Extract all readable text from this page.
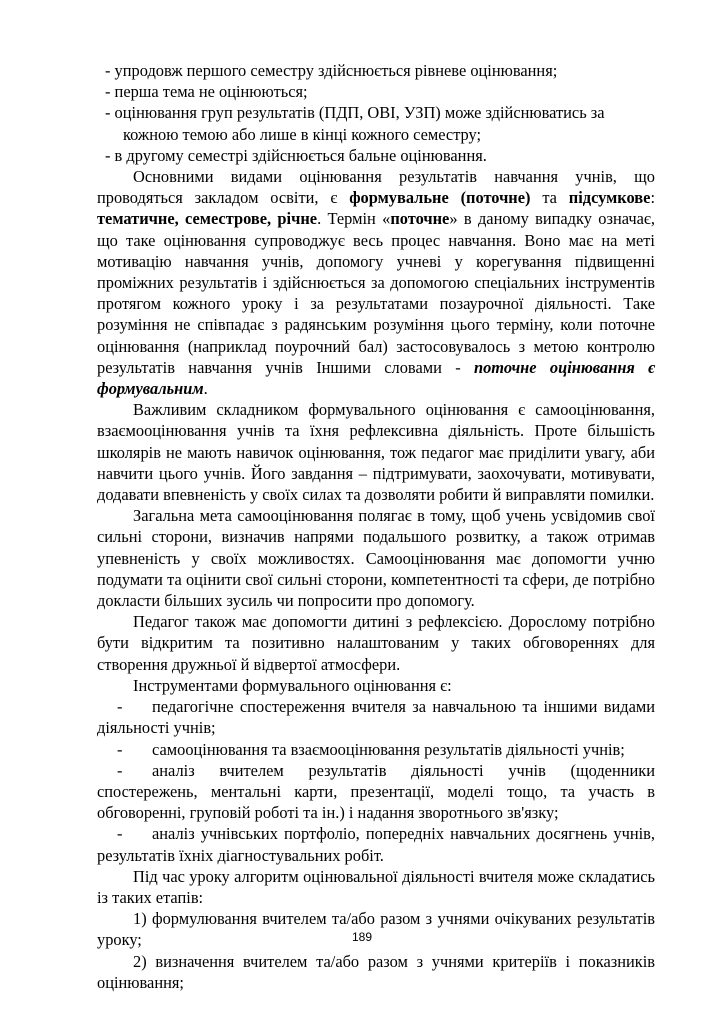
- упродовж першого семестру здійснюється рівневе оцінювання;

- перша тема не оцінюються;

- оцінювання груп результатів (ПДП, ОВІ, УЗП) може здійснюватись за

кожною темою або лише в кінці кожного семестру;

- в другому семестрі здійснюється бальне оцінювання.

Основними видами оцінювання результатів навчання учнів, що проводяться закладом освіти, є формувальне (поточне) та підсумкове: тематичне, семестрове, річне. Термін «поточне» в даному випадку означає, що таке оцінювання супроводжує весь процес навчання. Воно має на меті мотивацію навчання учнів, допомогу учневі у корегування підвищенні проміжних результатів і здійснюється за допомогою спеціальних інструментів протягом кожного уроку і за результатами позаурочної діяльності. Таке розуміння не співпадає з радянським розуміння цього терміну, коли поточне оцінювання (наприклад поурочний бал) застосовувалось з метою контролю результатів навчання учнів Іншими словами - поточне оцінювання є формувальним.

Важливим складником формувального оцінювання є самооцінювання, взаємооцінювання учнів та їхня рефлексивна діяльність. Проте більшість школярів не мають навичок оцінювання, тож педагог має приділити увагу, аби навчити цього учнів. Його завдання – підтримувати, заохочувати, мотивувати, додавати впевненість у своїх силах та дозволяти робити й виправляти помилки.

Загальна мета самооцінювання полягає в тому, щоб учень усвідомив свої сильні сторони, визначив напрями подальшого розвитку, а також отримав упевненість у своїх можливостях. Самооцінювання має допомогти учню подумати та оцінити свої сильні сторони, компетентності та сфери, де потрібно докласти більших зусиль чи попросити про допомогу.

Педагог також має допомогти дитині з рефлексією. Дорослому потрібно бути відкритим та позитивно налаштованим у таких обговореннях для створення дружньої й відвертої атмосфери.

Інструментами формувального оцінювання є:

- педагогічне спостереження вчителя за навчальною та іншими видами діяльності учнів;

- самооцінювання та взаємооцінювання результатів діяльності учнів;

- аналіз вчителем результатів діяльності учнів (щоденники спостережень, ментальні карти, презентації, моделі тощо, та участь в обговоренні, груповій роботі та ін.) і надання зворотнього зв'язку;

- аналіз учнівських портфоліо, попередніх навчальних досягнень учнів, результатів їхніх діагностувальних робіт.

Під час уроку алгоритм оцінювальної діяльності вчителя може складатись із таких етапів:

1) формулювання вчителем та/або разом з учнями очікуваних результатів уроку;

2) визначення вчителем та/або разом з учнями критеріїв і показників оцінювання;

189
